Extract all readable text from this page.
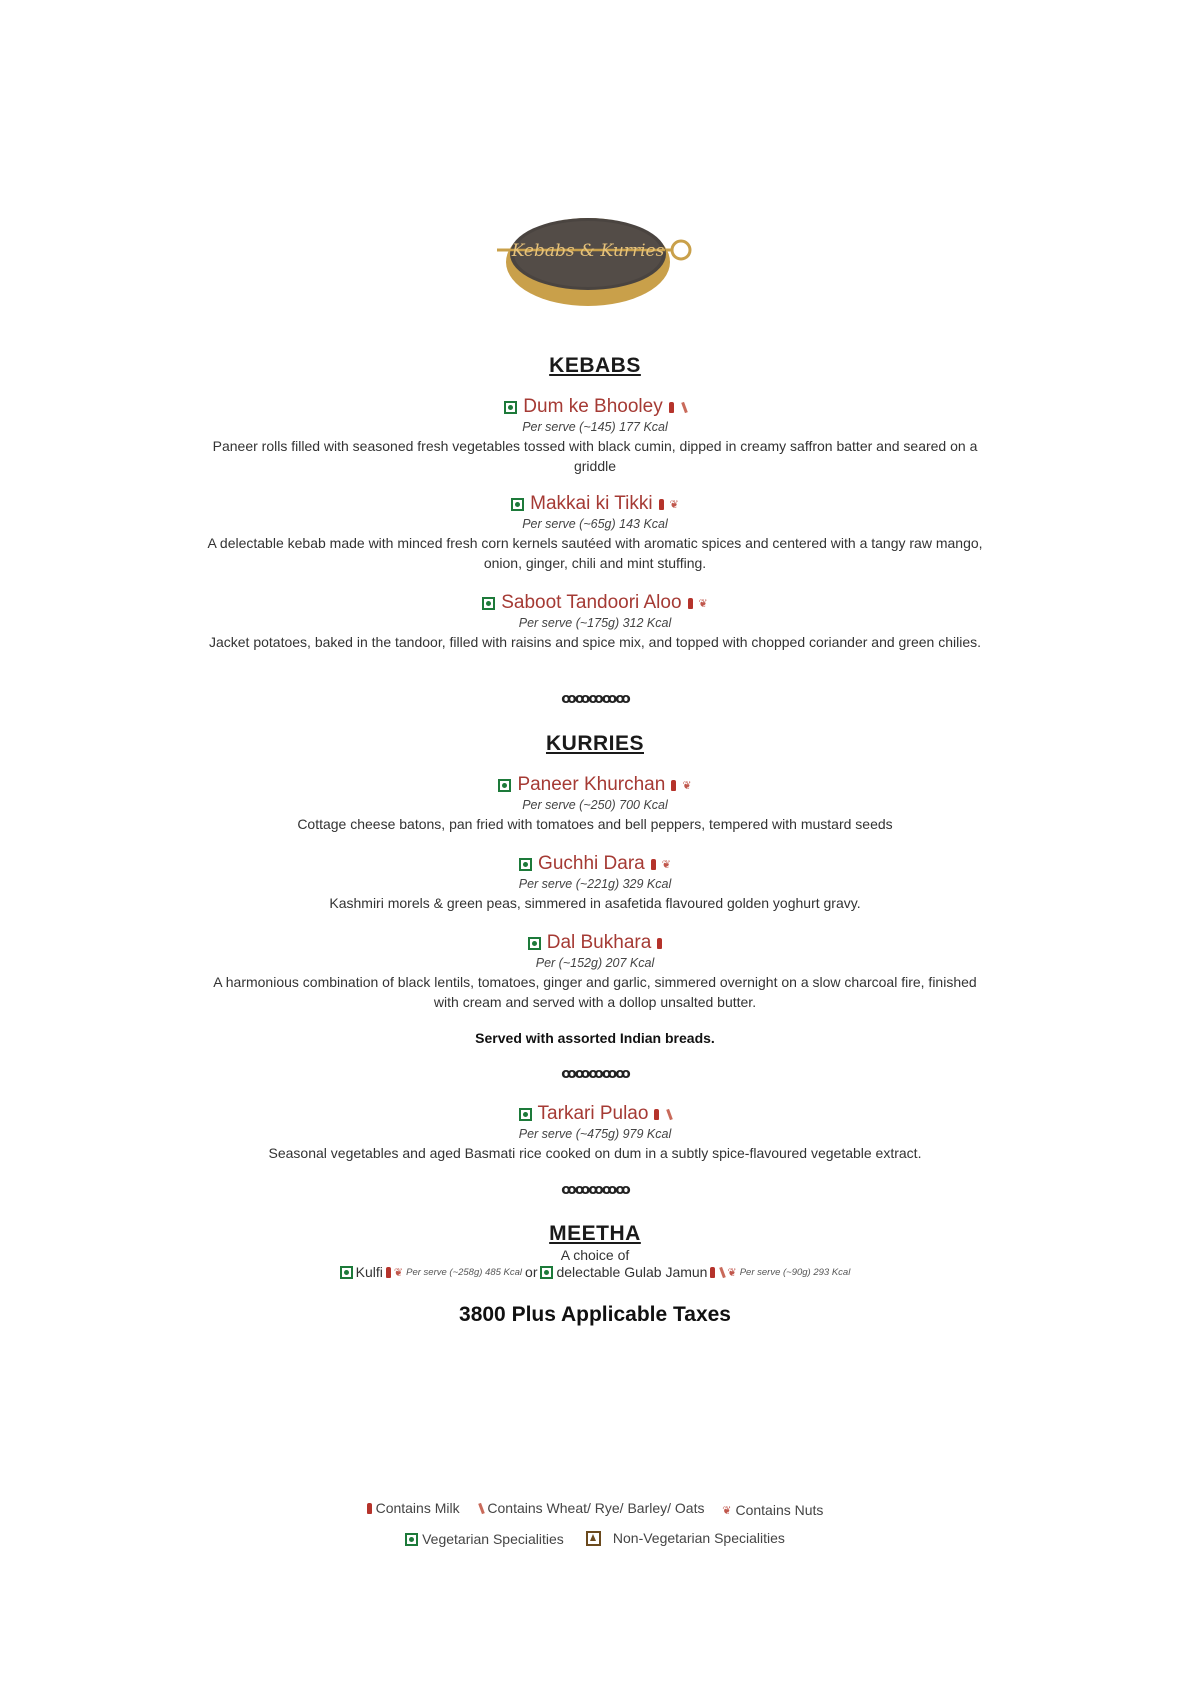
Kebabs & Kurries
KEBABS
Dum ke Bhooley
Per serve (~145) 177 Kcal
Paneer rolls filled with seasoned fresh vegetables tossed with black cumin, dipped in creamy saffron batter and seared on a griddle
Makkai ki Tikki ❦
Per serve (~65g) 143 Kcal
A delectable kebab made with minced fresh corn kernels sautéed with aromatic spices and centered with a tangy raw mango, onion, ginger, chili and mint stuffing.
Saboot Tandoori Aloo ❦
Per serve (~175g) 312 Kcal
Jacket potatoes, baked in the tandoor, filled with raisins and spice mix, and topped with chopped coriander and green chilies.
ꝏꝏꝏꝏꝏ
KURRIES
Paneer Khurchan ❦
Per serve (~250) 700 Kcal
Cottage cheese batons, pan fried with tomatoes and bell peppers, tempered with mustard seeds
Guchhi Dara ❦
Per serve (~221g) 329 Kcal
Kashmiri morels & green peas, simmered in asafetida flavoured golden yoghurt gravy.
Dal Bukhara
Per (~152g) 207 Kcal
A harmonious combination of black lentils, tomatoes, ginger and garlic, simmered overnight on a slow charcoal fire, finished with cream and served with a dollop unsalted butter.
Served with assorted Indian breads.
ꝏꝏꝏꝏꝏ
Tarkari Pulao
Per serve (~475g) 979 Kcal
Seasonal vegetables and aged Basmati rice cooked on dum in a subtly spice-flavoured vegetable extract.
ꝏꝏꝏꝏꝏ
MEETHA
A choice of
Kulfi ❦ Per serve (~258g) 485 Kcal or delectable Gulab Jamun ❦ Per serve (~90g) 293 Kcal
3800 Plus Applicable Taxes
Contains Milk
Contains Wheat/ Rye/ Barley/ Oats
❦ Contains Nuts
Vegetarian Specialities

	Non-Vegetarian Specialities
